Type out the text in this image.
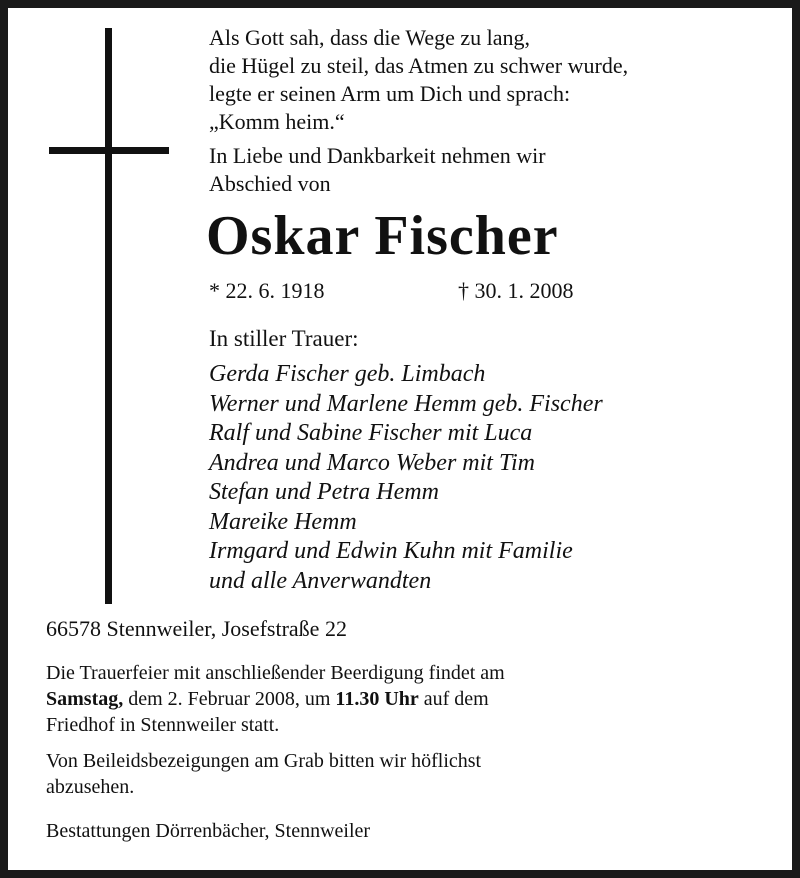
Als Gott sah, dass die Wege zu lang,
die Hügel zu steil, das Atmen zu schwer wurde,
legte er seinen Arm um Dich und sprach:
„Komm heim.“
In Liebe und Dankbarkeit nehmen wir
Abschied von
Oskar Fischer
* 22. 6. 1918	† 30. 1. 2008
In stiller Trauer:
Gerda Fischer geb. Limbach
Werner und Marlene Hemm geb. Fischer
Ralf und Sabine Fischer mit Luca
Andrea und Marco Weber mit Tim
Stefan und Petra Hemm
Mareike Hemm
Irmgard und Edwin Kuhn mit Familie
und alle Anverwandten
66578 Stennweiler, Josefstraße 22
Die Trauerfeier mit anschließender Beerdigung findet am
Samstag, dem 2. Februar 2008, um 11.30 Uhr auf dem
Friedhof in Stennweiler statt.
Von Beileidsbezeigungen am Grab bitten wir höflichst
abzusehen.
Bestattungen Dörrenbächer, Stennweiler
